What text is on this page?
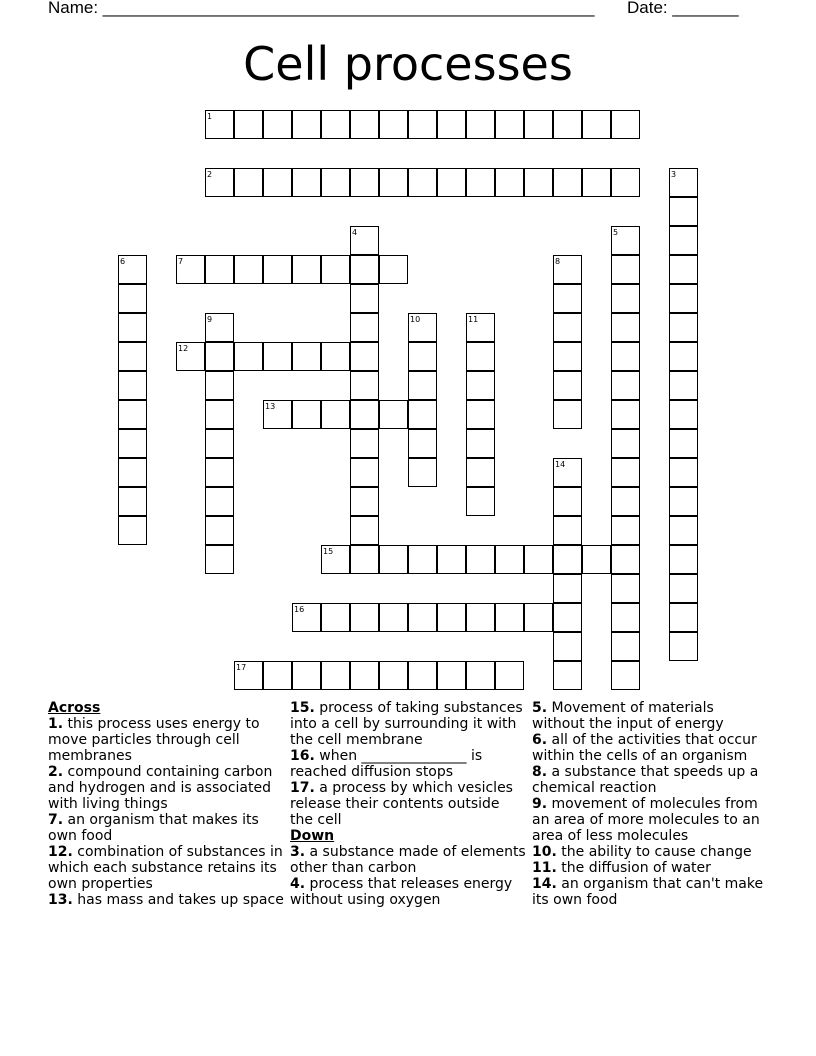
Name: ____________________________________________________ Date: _______
Cell processes
1
2	3
4	5
6	7	8
9	10	11
12
13
14
15
16
17
Across
1. this process uses energy to move particles through cell membranes
2. compound containing carbon and hydrogen and is associated with living things
7. an organism that makes its own food
12. combination of substances in which each substance retains its own properties
13. has mass and takes up space
15. process of taking substances into a cell by surrounding it with the cell membrane
16. when _______________ is reached diffusion stops
17. a process by which vesicles release their contents outside the cell
Down
3. a substance made of elements other than carbon
4. process that releases energy without using oxygen
5. Movement of materials without the input of energy
6. all of the activities that occur within the cells of an organism
8. a substance that speeds up a chemical reaction
9. movement of molecules from an area of more molecules to an area of less molecules
10. the ability to cause change
11. the diffusion of water
14. an organism that can't make its own food
